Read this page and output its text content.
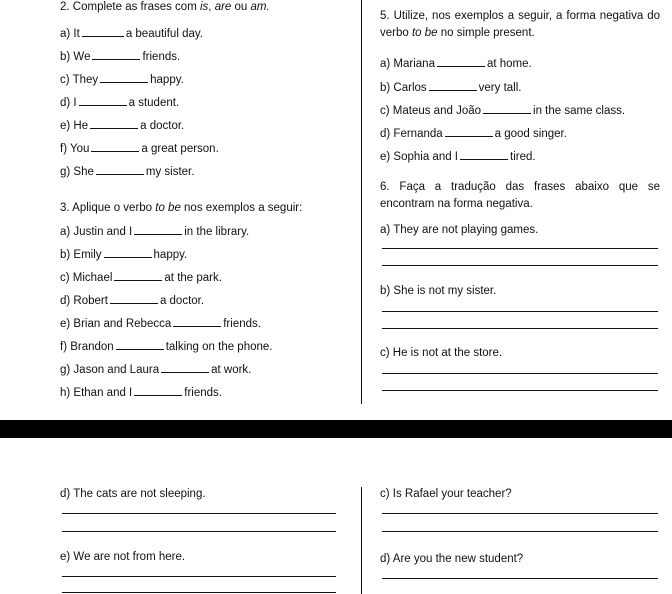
2. Complete as frases com is, are ou am.
a) It	a beautiful day.
b) We	friends.
c) They	happy.
d) I	a student.
e) He	a doctor.
f) You	a great person.
g) She	my sister.
3. Aplique o verbo to be nos exemplos a seguir:
a) Justin and I	in the library.
b) Emily	happy.
c) Michael	at the park.
d) Robert	a doctor.
e) Brian and Rebecca	friends.
f) Brandon	talking on the phone.
g) Jason and Laura	at work.
h) Ethan and I	friends.
5. Utilize, nos exemplos a seguir, a forma negativa do verbo to be no simple present.
a) Mariana	at home.
b) Carlos	very tall.
c) Mateus and João	in the same class.
d) Fernanda	a good singer.
e) Sophia and I	tired.
6. Faça a tradução das frases abaixo que se encontram na forma negativa.
a) They are not playing games.
b) She is not my sister.
c) He is not at the store.
d) The cats are not sleeping.
e) We are not from here.
c) Is Rafael your teacher?
d) Are you the new student?
